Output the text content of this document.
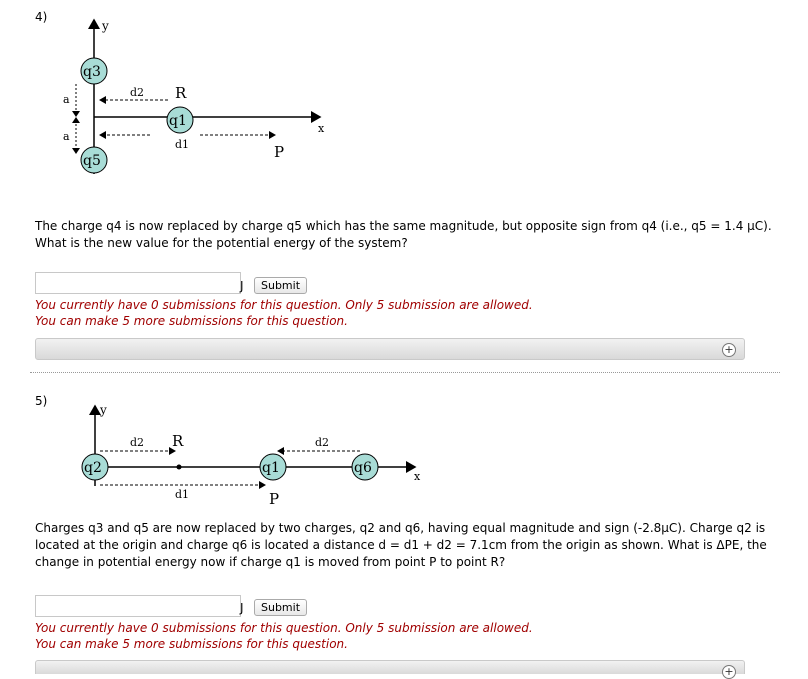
4)
y
x
a
a
d2
d1
q3
q1
q5
R
P
The charge q4 is now replaced by charge q5 which has the same magnitude, but opposite sign from q4 (i.e., q5 = 1.4 μC).
What is the new value for the potential energy of the system?
J	Submit
You currently have 0 submissions for this question. Only 5 submission are allowed.
You can make 5 more submissions for this question.
+
5)
y
x
d2	d2
d1
q2	q1	q6
R
P
Charges q3 and q5 are now replaced by two charges, q2 and q6, having equal magnitude and sign (-2.8μC). Charge q2 is
located at the origin and charge q6 is located a distance d = d1 + d2 = 7.1cm from the origin as shown. What is ΔPE, the
change in potential energy now if charge q1 is moved from point P to point R?
J	Submit
You currently have 0 submissions for this question. Only 5 submission are allowed.
You can make 5 more submissions for this question.
+
